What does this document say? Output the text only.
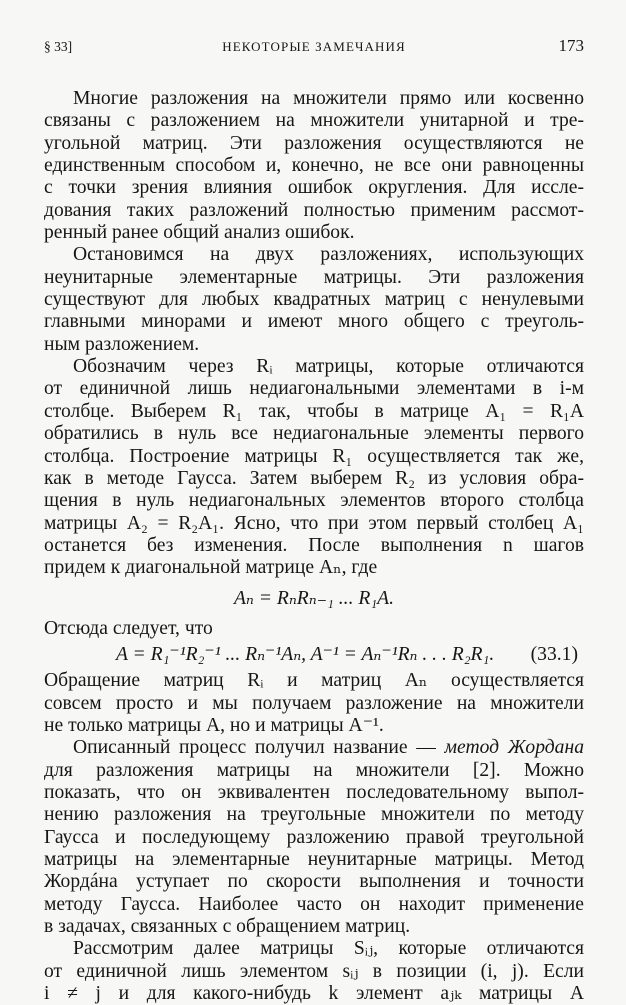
§ 33]	НЕКОТОРЫЕ ЗАМЕЧАНИЯ	173
Многие разложения на множители прямо или косвенно
связаны с разложением на множители унитарной и тре-
угольной матриц. Эти разложения осуществляются не
единственным способом и, конечно, не все они равноценны
с точки зрения влияния ошибок округления. Для иссле-
дования таких разложений полностью применим рассмот-
ренный ранее общий анализ ошибок.
Остановимся на двух разложениях, использующих
неунитарные элементарные матрицы. Эти разложения
существуют для любых квадратных матриц с ненулевыми
главными минорами и имеют много общего с треуголь-
ным разложением.
Обозначим через Rᵢ матрицы, которые отличаются
от единичной лишь недиагональными элементами в i-м
столбце. Выберем R₁ так, чтобы в матрице A₁ = R₁A
обратились в нуль все недиагональные элементы первого
столбца. Построение матрицы R₁ осуществляется так же,
как в методе Гаусса. Затем выберем R₂ из условия обра-
щения в нуль недиагональных элементов второго столбца
матрицы A₂ = R₂A₁. Ясно, что при этом первый столбец A₁
останется без изменения. После выполнения n шагов
придем к диагональной матрице Aₙ, где
Aₙ = RₙRₙ₋₁ ... R₁A.
Отсюда следует, что
A = R₁⁻¹R₂⁻¹ ... Rₙ⁻¹Aₙ, A⁻¹ = Aₙ⁻¹Rₙ . . . R₂R₁. (33.1)
Обращение матриц Rᵢ и матриц Aₙ осуществляется
совсем просто и мы получаем разложение на множители
не только матрицы A, но и матрицы A⁻¹.
Описанный процесс получил название — метод Жордана
для разложения матрицы на множители [2]. Можно
показать, что он эквивалентен последовательному выпол-
нению разложения на треугольные множители по методу
Гаусса и последующему разложению правой треугольной
матрицы на элементарные неунитарные матрицы. Метод
Жордáна уступает по скорости выполнения и точности
методу Гаусса. Наиболее часто он находит применение
в задачах, связанных с обращением матриц.
Рассмотрим далее матрицы Sᵢⱼ, которые отличаются
от единичной лишь элементом sᵢⱼ в позиции (i, j). Если
i ≠ j и для какого-нибудь k элемент aⱼₖ матрицы A
